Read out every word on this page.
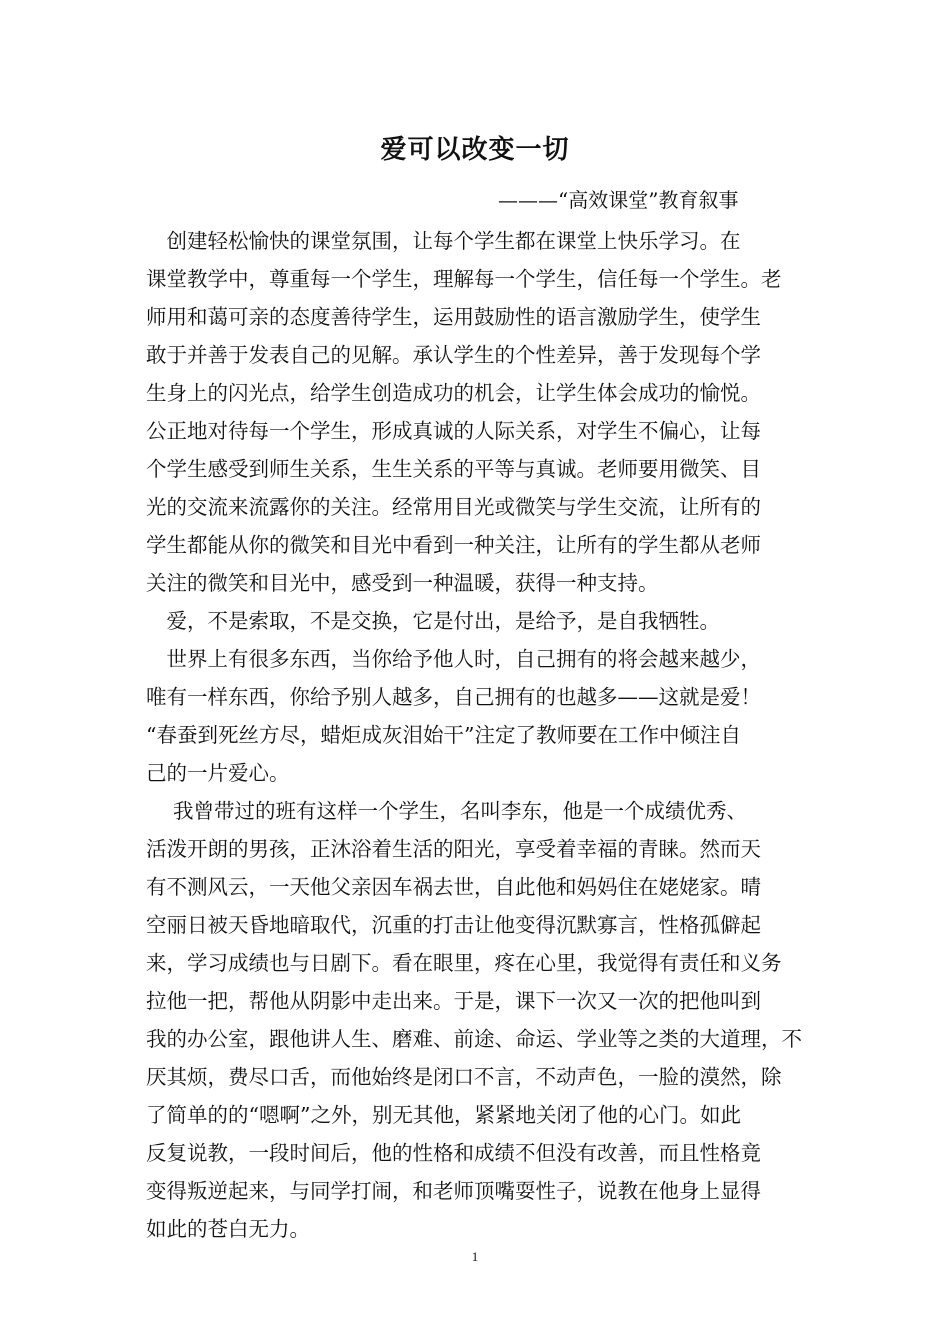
爱可以改变一切
———“高效课堂”教育叙事
　创建轻松愉快的课堂氛围，让每个学生都在课堂上快乐学习。在
课堂教学中，尊重每一个学生，理解每一个学生，信任每一个学生。老
师用和蔼可亲的态度善待学生，运用鼓励性的语言激励学生，使学生
敢于并善于发表自己的见解。承认学生的个性差异，善于发现每个学
生身上的闪光点，给学生创造成功的机会，让学生体会成功的愉悦。
公正地对待每一个学生，形成真诚的人际关系，对学生不偏心，让每
个学生感受到师生关系，生生关系的平等与真诚。老师要用微笑、目
光的交流来流露你的关注。经常用目光或微笑与学生交流，让所有的
学生都能从你的微笑和目光中看到一种关注，让所有的学生都从老师
关注的微笑和目光中，感受到一种温暖，获得一种支持。
　爱，不是索取，不是交换，它是付出，是给予，是自我牺牲。
　世界上有很多东西，当你给予他人时，自己拥有的将会越来越少，
唯有一样东西，你给予别人越多，自己拥有的也越多——这就是爱！
“春蚕到死丝方尽，蜡炬成灰泪始干”注定了教师要在工作中倾注自
己的一片爱心。
　 我曾带过的班有这样一个学生，名叫李东，他是一个成绩优秀、
活泼开朗的男孩，正沐浴着生活的阳光，享受着幸福的青睐。然而天
有不测风云，一天他父亲因车祸去世，自此他和妈妈住在姥姥家。晴
空丽日被天昏地暗取代，沉重的打击让他变得沉默寡言，性格孤僻起
来，学习成绩也与日剧下。看在眼里，疼在心里，我觉得有责任和义务
拉他一把，帮他从阴影中走出来。于是，课下一次又一次的把他叫到
我的办公室，跟他讲人生、磨难、前途、命运、学业等之类的大道理，不
厌其烦，费尽口舌，而他始终是闭口不言，不动声色，一脸的漠然，除
了简单的的“嗯啊”之外，别无其他，紧紧地关闭了他的心门。如此
反复说教，一段时间后，他的性格和成绩不但没有改善，而且性格竟
变得叛逆起来，与同学打闹，和老师顶嘴耍性子，说教在他身上显得
如此的苍白无力。
1
